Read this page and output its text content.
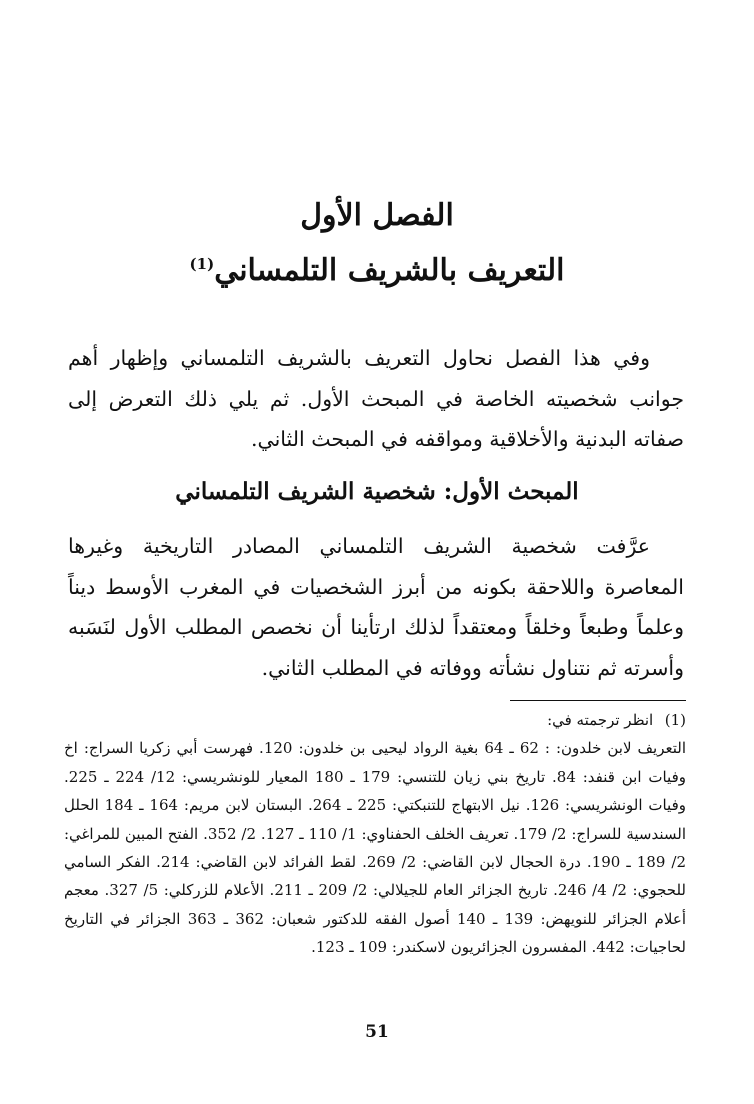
الفصل الأول
التعريف بالشريف التلمساني$^{(1)}$

وفي هذا الفصل نحاول التعريف بالشريف التلمساني وإظهار أهم جوانب شخصيته الخاصة في المبحث الأول. ثم يلي ذلك التعرض إلى صفاته البدنية والأخلاقية ومواقفه في المبحث الثاني.

المبحث الأول: شخصية الشريف التلمساني

عرَّفت شخصية الشريف التلمساني المصادر التاريخية وغيرها المعاصرة واللاحقة بكونه من أبرز الشخصيات في المغرب الأوسط ديناً وعلماً وطبعاً وخلقاً ومعتقداً لذلك ارتأينا أن نخصص المطلب الأول لنَسَبه وأسرته ثم نتناول نشأته ووفاته في المطلب الثاني.

(1) انظر ترجمته في:
التعريف لابن خلدون: : 62 ـ 64 بغية الرواد ليحيى بن خلدون: 120. فهرست أبي زكريا السراج: اخ وفيات ابن قنفد: 84. تاريخ بني زيان للتنسي: 179 ـ 180 المعيار للونشريسي: 12/ 224 ـ 225. وفيات الونشريسي: 126. نيل الابتهاج للتنبكتي: 225 ـ 264. البستان لابن مريم: 164 ـ 184 الحلل السندسية للسراج: 2/ 179. تعريف الخلف الحفناوي: 1/ 110 ـ 127. 2/ 352. الفتح المبين للمراغي: 2/ 189 ـ 190. درة الحجال لابن القاضي: 2/ 269. لقط الفرائد لابن القاضي: 214. الفكر السامي للحجوي: 2/ 4/ 246. تاريخ الجزائر العام للجيلالي: 2/ 209 ـ 211. الأعلام للزركلي: 5/ 327. معجم أعلام الجزائر للنويهض: 139 ـ 140 أصول الفقه للدكتور شعبان: 362 ـ 363 الجزائر في التاريخ لحاجيات: 442. المفسرون الجزائريون لاسكندر: 109 ـ 123.
51
